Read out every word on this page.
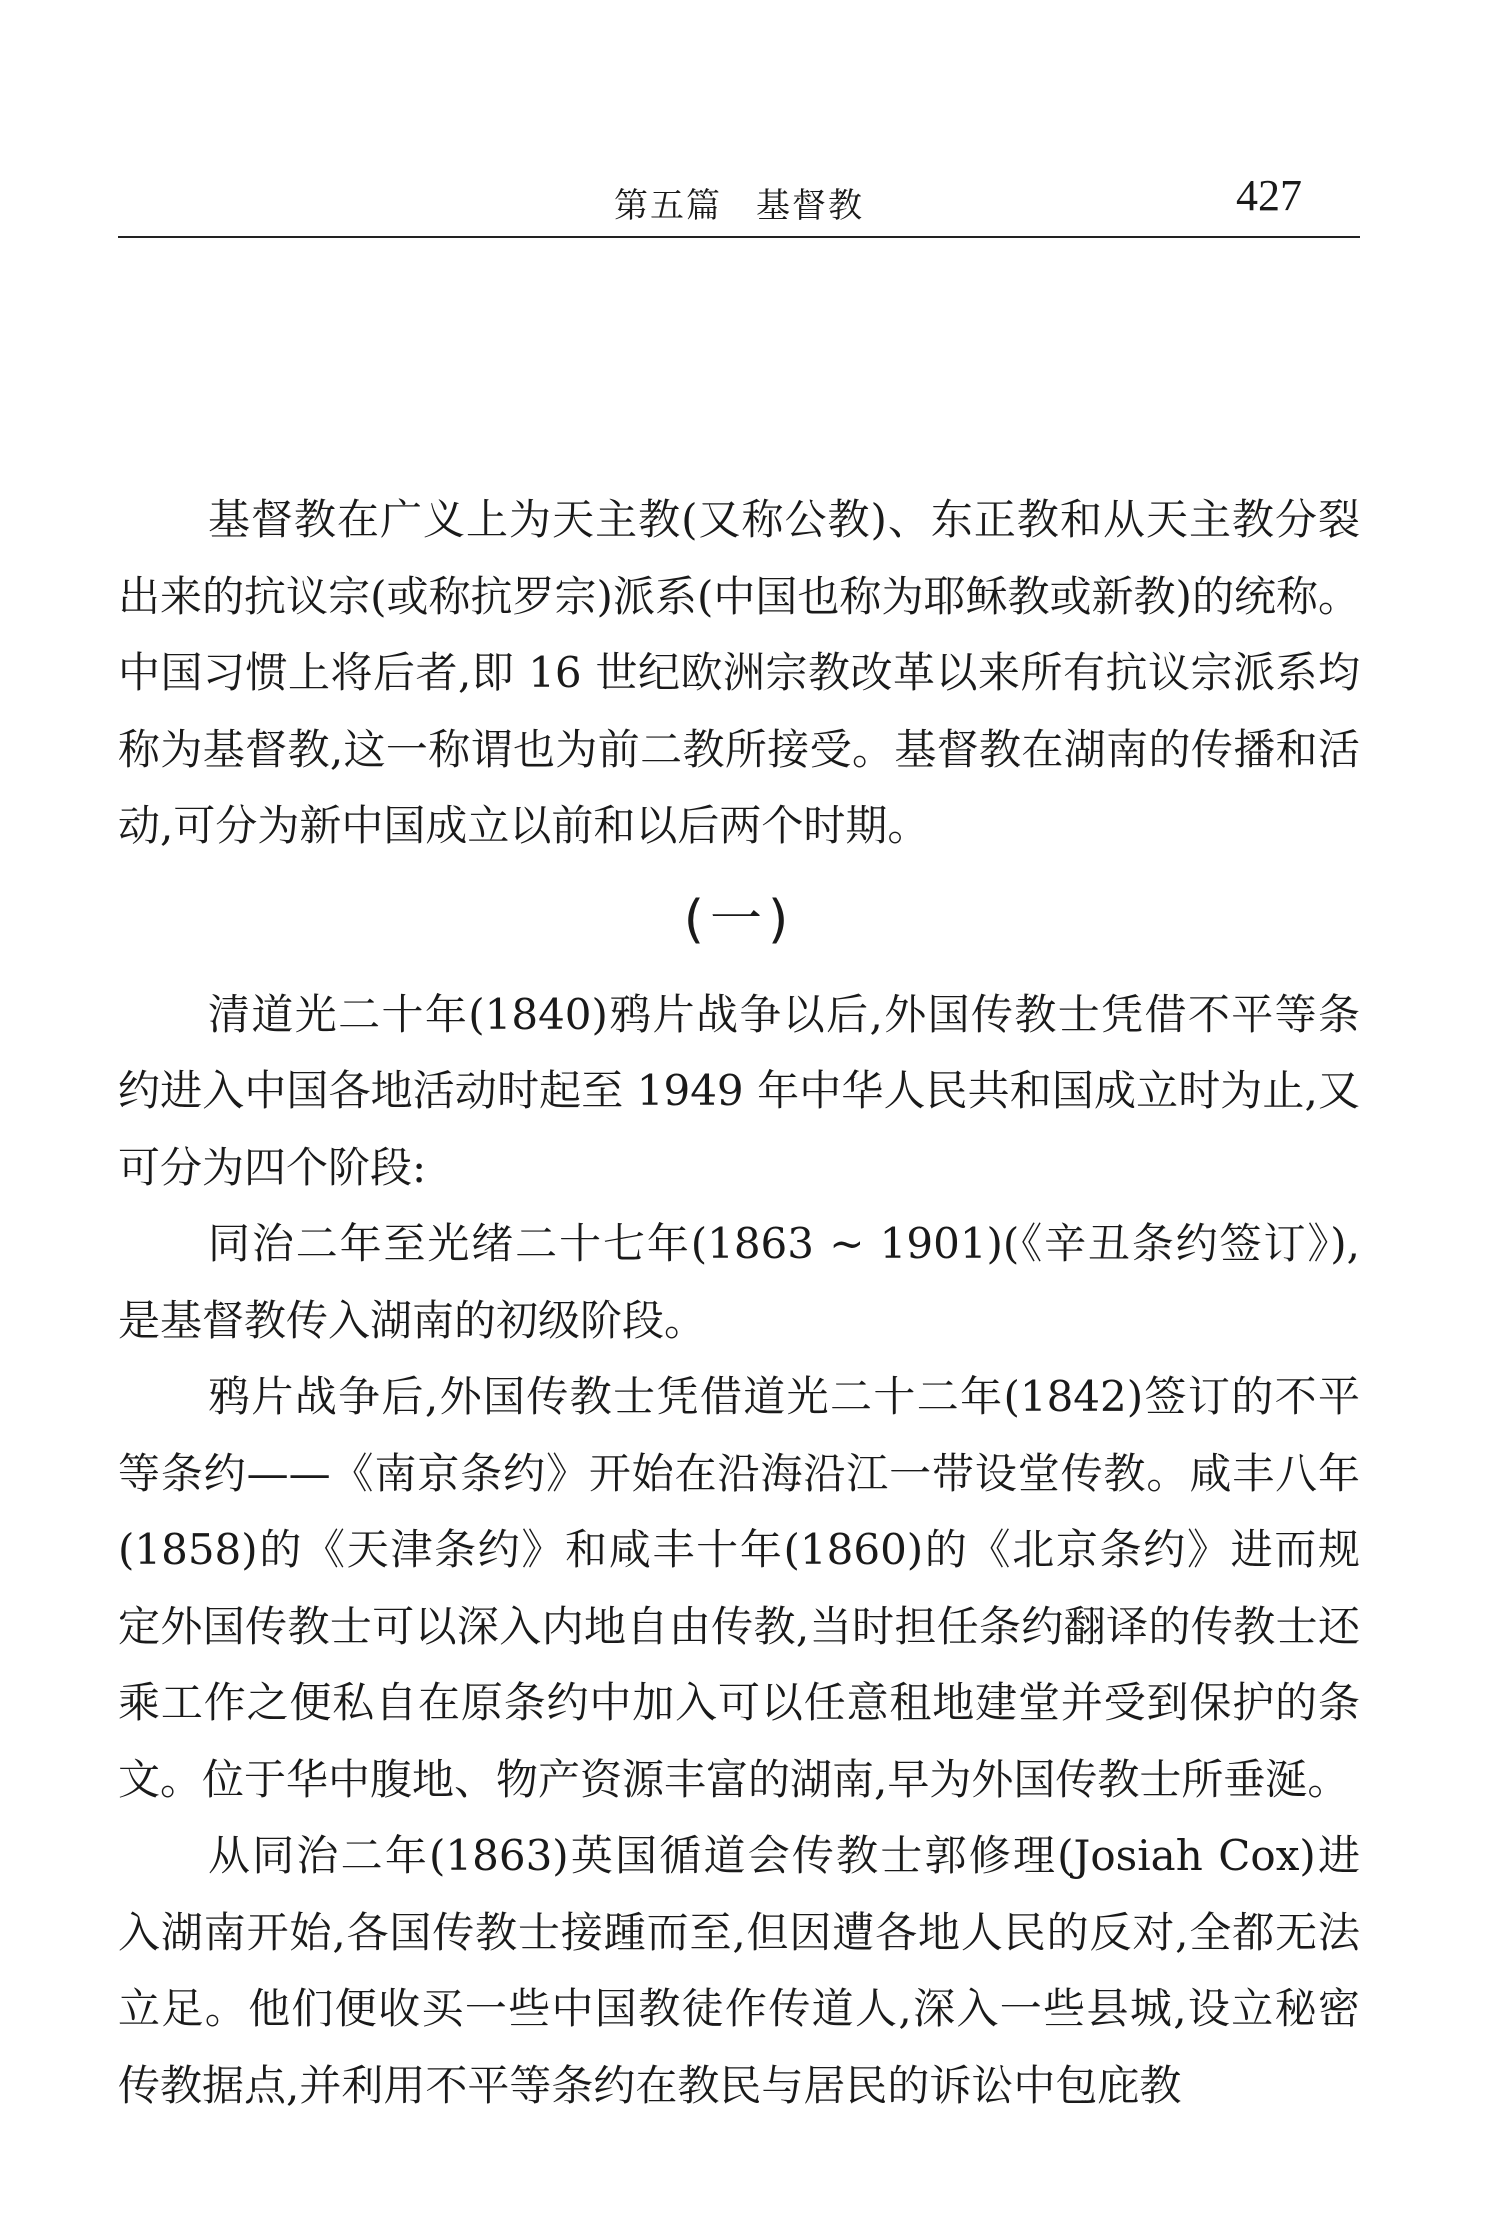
第五篇 基督教	427

基督教在广义上为天主教(又称公教)、东正教和从天主教分裂出来的抗议宗(或称抗罗宗)派系(中国也称为耶稣教或新教)的统称。中国习惯上将后者,即 16 世纪欧洲宗教改革以来所有抗议宗派系均称为基督教,这一称谓也为前二教所接受。基督教在湖南的传播和活动,可分为新中国成立以前和以后两个时期。

(一)

清道光二十年(1840)鸦片战争以后,外国传教士凭借不平等条约进入中国各地活动时起至 1949 年中华人民共和国成立时为止,又可分为四个阶段:

同治二年至光绪二十七年(1863 ~ 1901)(《辛丑条约签订》),是基督教传入湖南的初级阶段。

鸦片战争后,外国传教士凭借道光二十二年(1842)签订的不平等条约——《南京条约》开始在沿海沿江一带设堂传教。咸丰八年(1858)的《天津条约》和咸丰十年(1860)的《北京条约》进而规定外国传教士可以深入内地自由传教,当时担任条约翻译的传教士还乘工作之便私自在原条约中加入可以任意租地建堂并受到保护的条文。位于华中腹地、物产资源丰富的湖南,早为外国传教士所垂涎。

从同治二年(1863)英国循道会传教士郭修理(Josiah Cox)进入湖南开始,各国传教士接踵而至,但因遭各地人民的反对,全都无法立足。他们便收买一些中国教徒作传道人,深入一些县城,设立秘密传教据点,并利用不平等条约在教民与居民的诉讼中包庇教
